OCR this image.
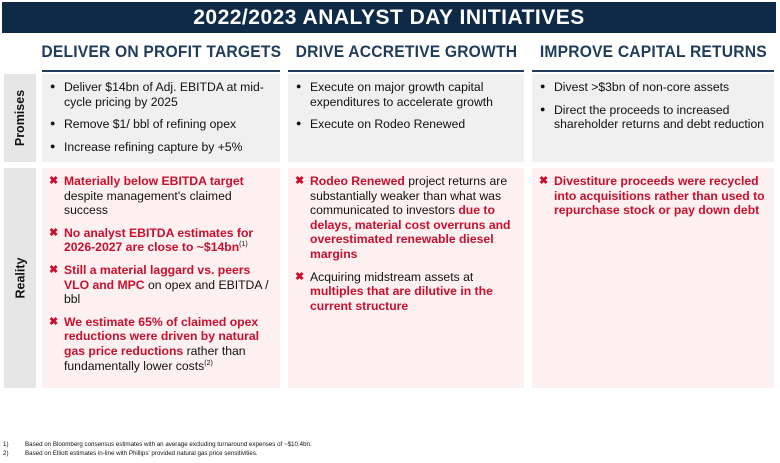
2022/2023 ANALYST DAY INITIATIVES
DELIVER ON PROFIT TARGETS DRIVE ACCRETIVE GROWTH IMPROVE CAPITAL RETURNS
Promises
● Deliver $14bn of Adj. EBITDA at mid-cycle pricing by 2025
● Remove $1/ bbl of refining opex
● Increase refining capture by +5%
● Execute on major growth capital expenditures to accelerate growth
● Execute on Rodeo Renewed
● Divest >$3bn of non-core assets
● Direct the proceeds to increased shareholder returns and debt reduction
Reality
✖ Materially below EBITDA target despite management's claimed success
✖ No analyst EBITDA estimates for 2026-2027 are close to $\sim\$14bn^{(1)}$
✖ Still a material laggard vs. peers VLO and MPC on opex and EBITDA / bbl
✖ We estimate 65% of claimed opex reductions were driven by natural gas price reductions rather than fundamentally lower costs$^{(2)}$
✖ Rodeo Renewed project returns are substantially weaker than what was communicated to investors due to delays, material cost overruns and overestimated renewable diesel margins
✖ Acquiring midstream assets at multiples that are dilutive in the current structure
✖ Divestiture proceeds were recycled into acquisitions rather than used to repurchase stock or pay down debt
1)	Based on Bloomberg consensus estimates with an average excluding turnaround expenses of ~$10.4bn.
2)	Based on Elliott estimates in-line with Phillips' provided natural gas price sensitivities.
